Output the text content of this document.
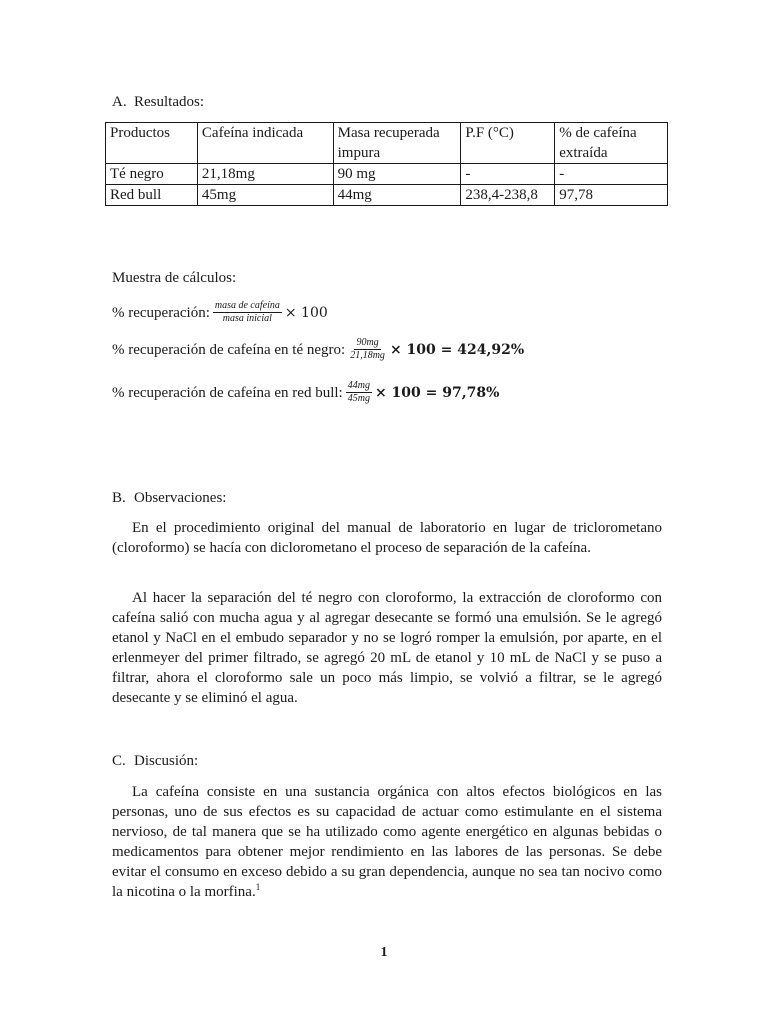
A. Resultados:
Productos	Cafeína indicada	Masa recuperada impura	P.F (°C)	% de cafeína extraída
Té negro	21,18mg	90 mg	-	-
Red bull	45mg	44mg	238,4-238,8	97,78
Muestra de cálculos:
% recuperación: $\frac{\text{masa de cafeína}}{\text{masa inicial}} \times 100$
% recuperación de cafeína en té negro: $\frac{90mg}{21,18mg} \times 100 = 424,92\%$
% recuperación de cafeína en red bull: $\frac{44mg}{45mg} \times 100 = 97,78\%$
B. Observaciones:

En el procedimiento original del manual de laboratorio en lugar de triclorometano (cloroformo) se hacía con diclorometano el proceso de separación de la cafeína.

Al hacer la separación del té negro con cloroformo, la extracción de cloroformo con cafeína salió con mucha agua y al agregar desecante se formó una emulsión. Se le agregó etanol y NaCl en el embudo separador y no se logró romper la emulsión, por aparte, en el erlenmeyer del primer filtrado, se agregó 20 mL de etanol y 10 mL de NaCl y se puso a filtrar, ahora el cloroformo sale un poco más limpio, se volvió a filtrar, se le agregó desecante y se eliminó el agua.

C. Discusión:

La cafeína consiste en una sustancia orgánica con altos efectos biológicos en las personas, uno de sus efectos es su capacidad de actuar como estimulante en el sistema nervioso, de tal manera que se ha utilizado como agente energético en algunas bebidas o medicamentos para obtener mejor rendimiento en las labores de las personas. Se debe evitar el consumo en exceso debido a su gran dependencia, aunque no sea tan nocivo como la nicotina o la morfina.$^1$

1
